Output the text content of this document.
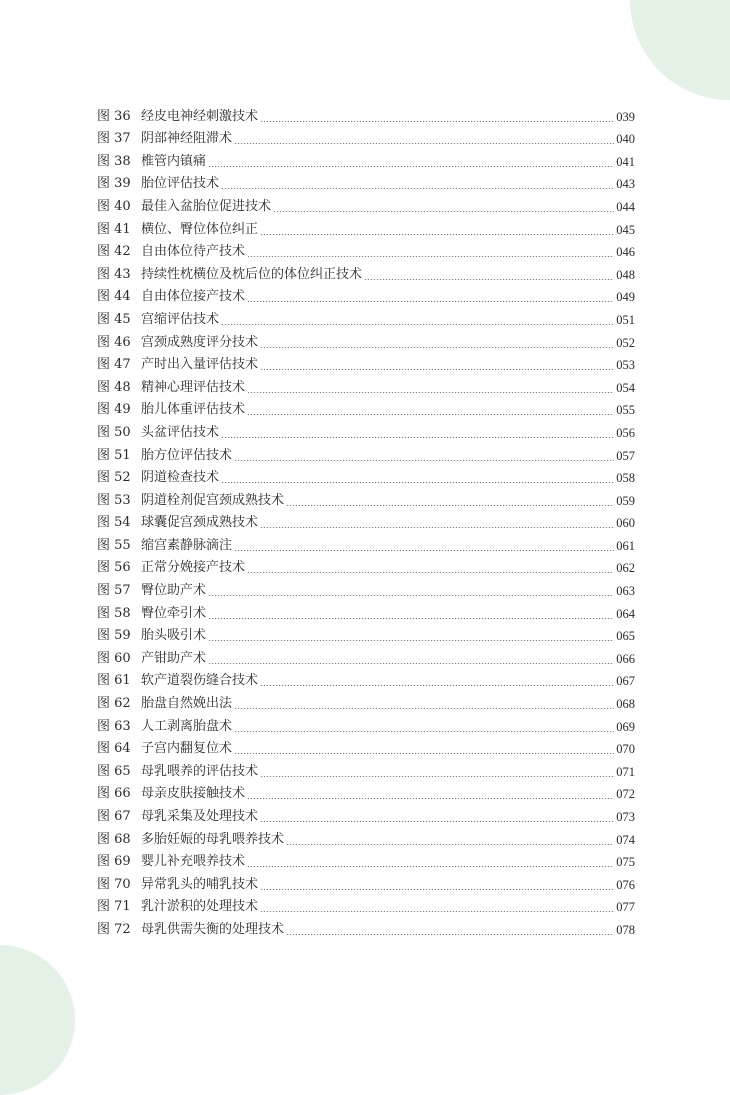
图 36 经皮电神经刺激技术	039
图 37 阴部神经阻滞术	040
图 38 椎管内镇痛	041
图 39 胎位评估技术	043
图 40 最佳入盆胎位促进技术	044
图 41 横位、臀位体位纠正	045
图 42 自由体位待产技术	046
图 43 持续性枕横位及枕后位的体位纠正技术	048
图 44 自由体位接产技术	049
图 45 宫缩评估技术	051
图 46 宫颈成熟度评分技术	052
图 47 产时出入量评估技术	053
图 48 精神心理评估技术	054
图 49 胎儿体重评估技术	055
图 50 头盆评估技术	056
图 51 胎方位评估技术	057
图 52 阴道检查技术	058
图 53 阴道栓剂促宫颈成熟技术	059
图 54 球囊促宫颈成熟技术	060
图 55 缩宫素静脉滴注	061
图 56 正常分娩接产技术	062
图 57 臀位助产术	063
图 58 臀位牵引术	064
图 59 胎头吸引术	065
图 60 产钳助产术	066
图 61 软产道裂伤缝合技术	067
图 62 胎盘自然娩出法	068
图 63 人工剥离胎盘术	069
图 64 子宫内翻复位术	070
图 65 母乳喂养的评估技术	071
图 66 母亲皮肤接触技术	072
图 67 母乳采集及处理技术	073
图 68 多胎妊娠的母乳喂养技术	074
图 69 婴儿补充喂养技术	075
图 70 异常乳头的哺乳技术	076
图 71 乳汁淤积的处理技术	077
图 72 母乳供需失衡的处理技术	078
